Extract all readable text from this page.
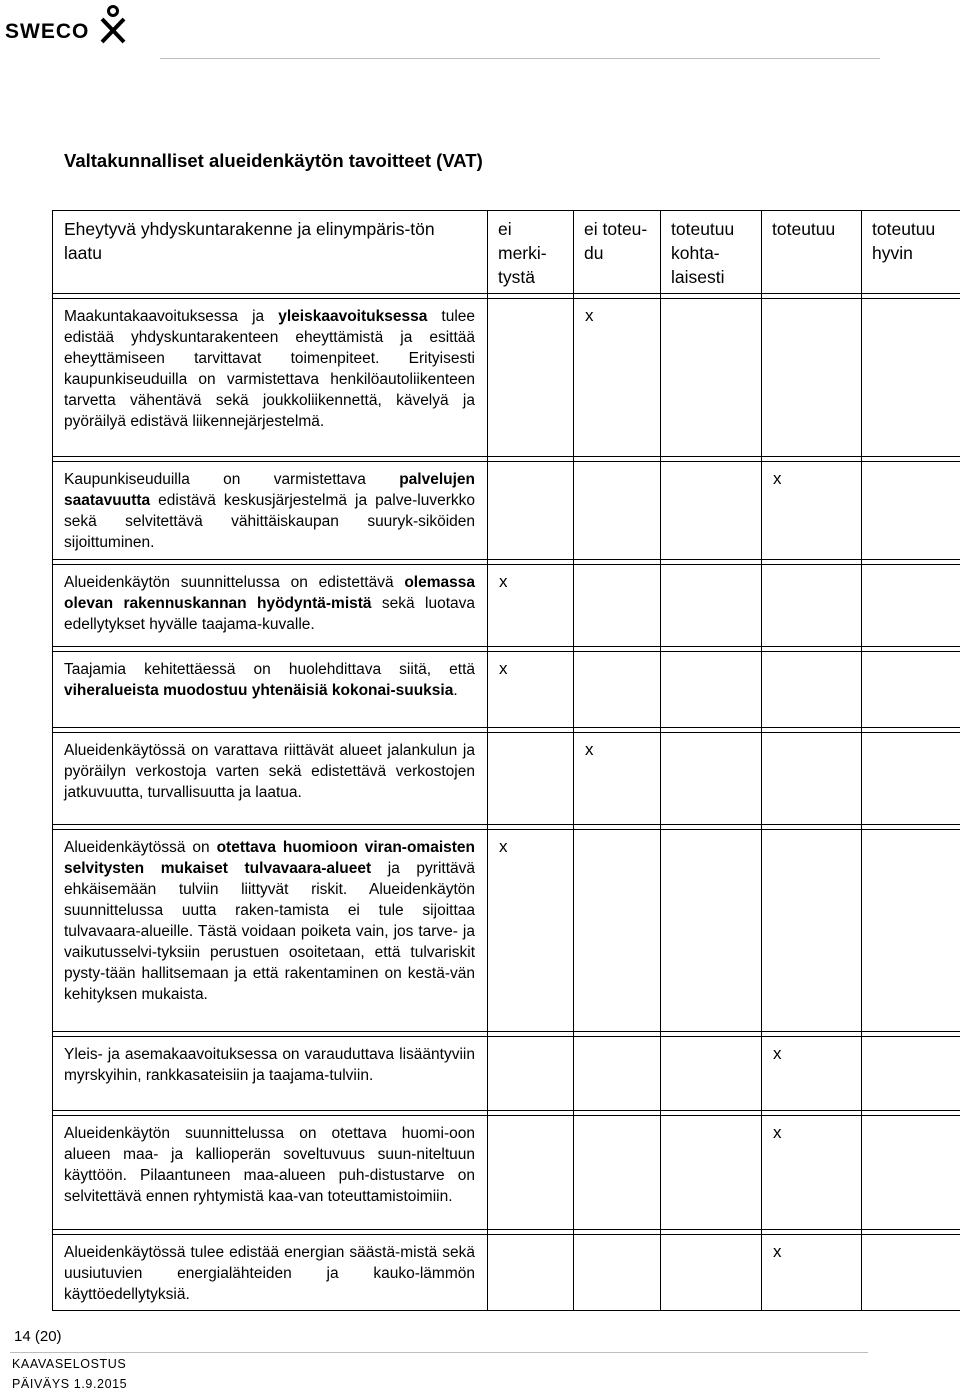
SWECO
Valtakunnalliset alueidenkäytön tavoitteet (VAT)
Eheytyvä yhdyskuntarakenne ja elinympäris-tön laatu	ei merki-tystä	ei toteu-du	toteutuu kohta-laisesti	toteutuu	toteutuu hyvin

Maakuntakaavoituksessa ja yleiskaavoituksessa tulee edistää yhdyskuntarakenteen eheyttämistä ja esittää eheyttämiseen tarvittavat toimenpiteet. Erityisesti kaupunkiseuduilla on varmistettava henkilöautoliikenteen tarvetta vähentävä sekä joukkoliikennettä, kävelyä ja pyöräilyä edistävä liikennejärjestelmä.		x			

Kaupunkiseuduilla on varmistettava palvelujen saatavuutta edistävä keskusjärjestelmä ja palve-luverkko sekä selvitettävä vähittäiskaupan suuryk-siköiden sijoittuminen.				x	

Alueidenkäytön suunnittelussa on edistettävä olemassa olevan rakennuskannan hyödyntä-mistä sekä luotava edellytykset hyvälle taajama-kuvalle.	x				

Taajamia kehitettäessä on huolehdittava siitä, että viheralueista muodostuu yhtenäisiä kokonai-suuksia.	x				

Alueidenkäytössä on varattava riittävät alueet jalankulun ja pyöräilyn verkostoja varten sekä edistettävä verkostojen jatkuvuutta, turvallisuutta ja laatua.		x			

Alueidenkäytössä on otettava huomioon viran-omaisten selvitysten mukaiset tulvavaara-alueet ja pyrittävä ehkäisemään tulviin liittyvät riskit. Alueidenkäytön suunnittelussa uutta raken-tamista ei tule sijoittaa tulvavaara-alueille. Tästä voidaan poiketa vain, jos tarve- ja vaikutusselvi-tyksiin perustuen osoitetaan, että tulvariskit pysty-tään hallitsemaan ja että rakentaminen on kestä-vän kehityksen mukaista.	x				

Yleis- ja asemakaavoituksessa on varauduttava lisääntyviin myrskyihin, rankkasateisiin ja taajama-tulviin.				x	

Alueidenkäytön suunnittelussa on otettava huomi-oon alueen maa- ja kallioperän soveltuvuus suun-niteltuun käyttöön. Pilaantuneen maa-alueen puh-distustarve on selvitettävä ennen ryhtymistä kaa-van toteuttamistoimiin.				x	

Alueidenkäytössä tulee edistää energian säästä-mistä sekä uusiutuvien energialähteiden ja kauko-lämmön käyttöedellytyksiä.				x	
14 (20)
KAAVASELOSTUS
PÄIVÄYS 1.9.2015
